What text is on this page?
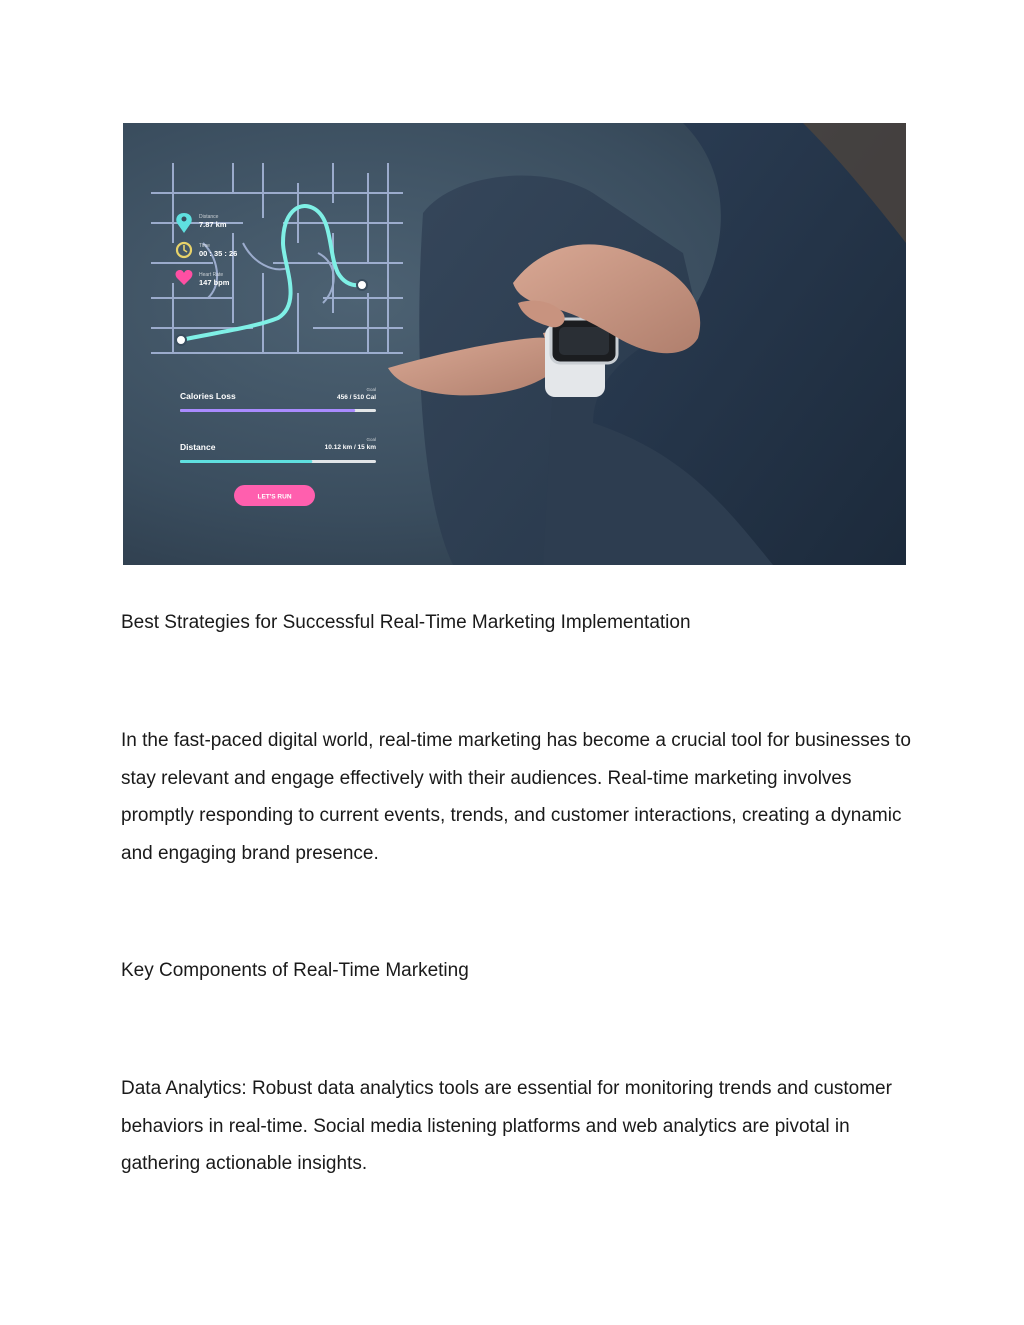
Distance
7.87 km
Time
00 : 35 : 26
Heart Rate
147 bpm
Calories Loss
Goal
456 / 510 Cal
Distance
Goal
10.12 km / 15 km
LET'S RUN
Best Strategies for Successful Real-Time Marketing Implementation

In the fast-paced digital world, real-time marketing has become a crucial tool for businesses to stay relevant and engage effectively with their audiences. Real-time marketing involves promptly responding to current events, trends, and customer interactions, creating a dynamic and engaging brand presence.

Key Components of Real-Time Marketing

Data Analytics: Robust data analytics tools are essential for monitoring trends and customer behaviors in real-time. Social media listening platforms and web analytics are pivotal in gathering actionable insights.
